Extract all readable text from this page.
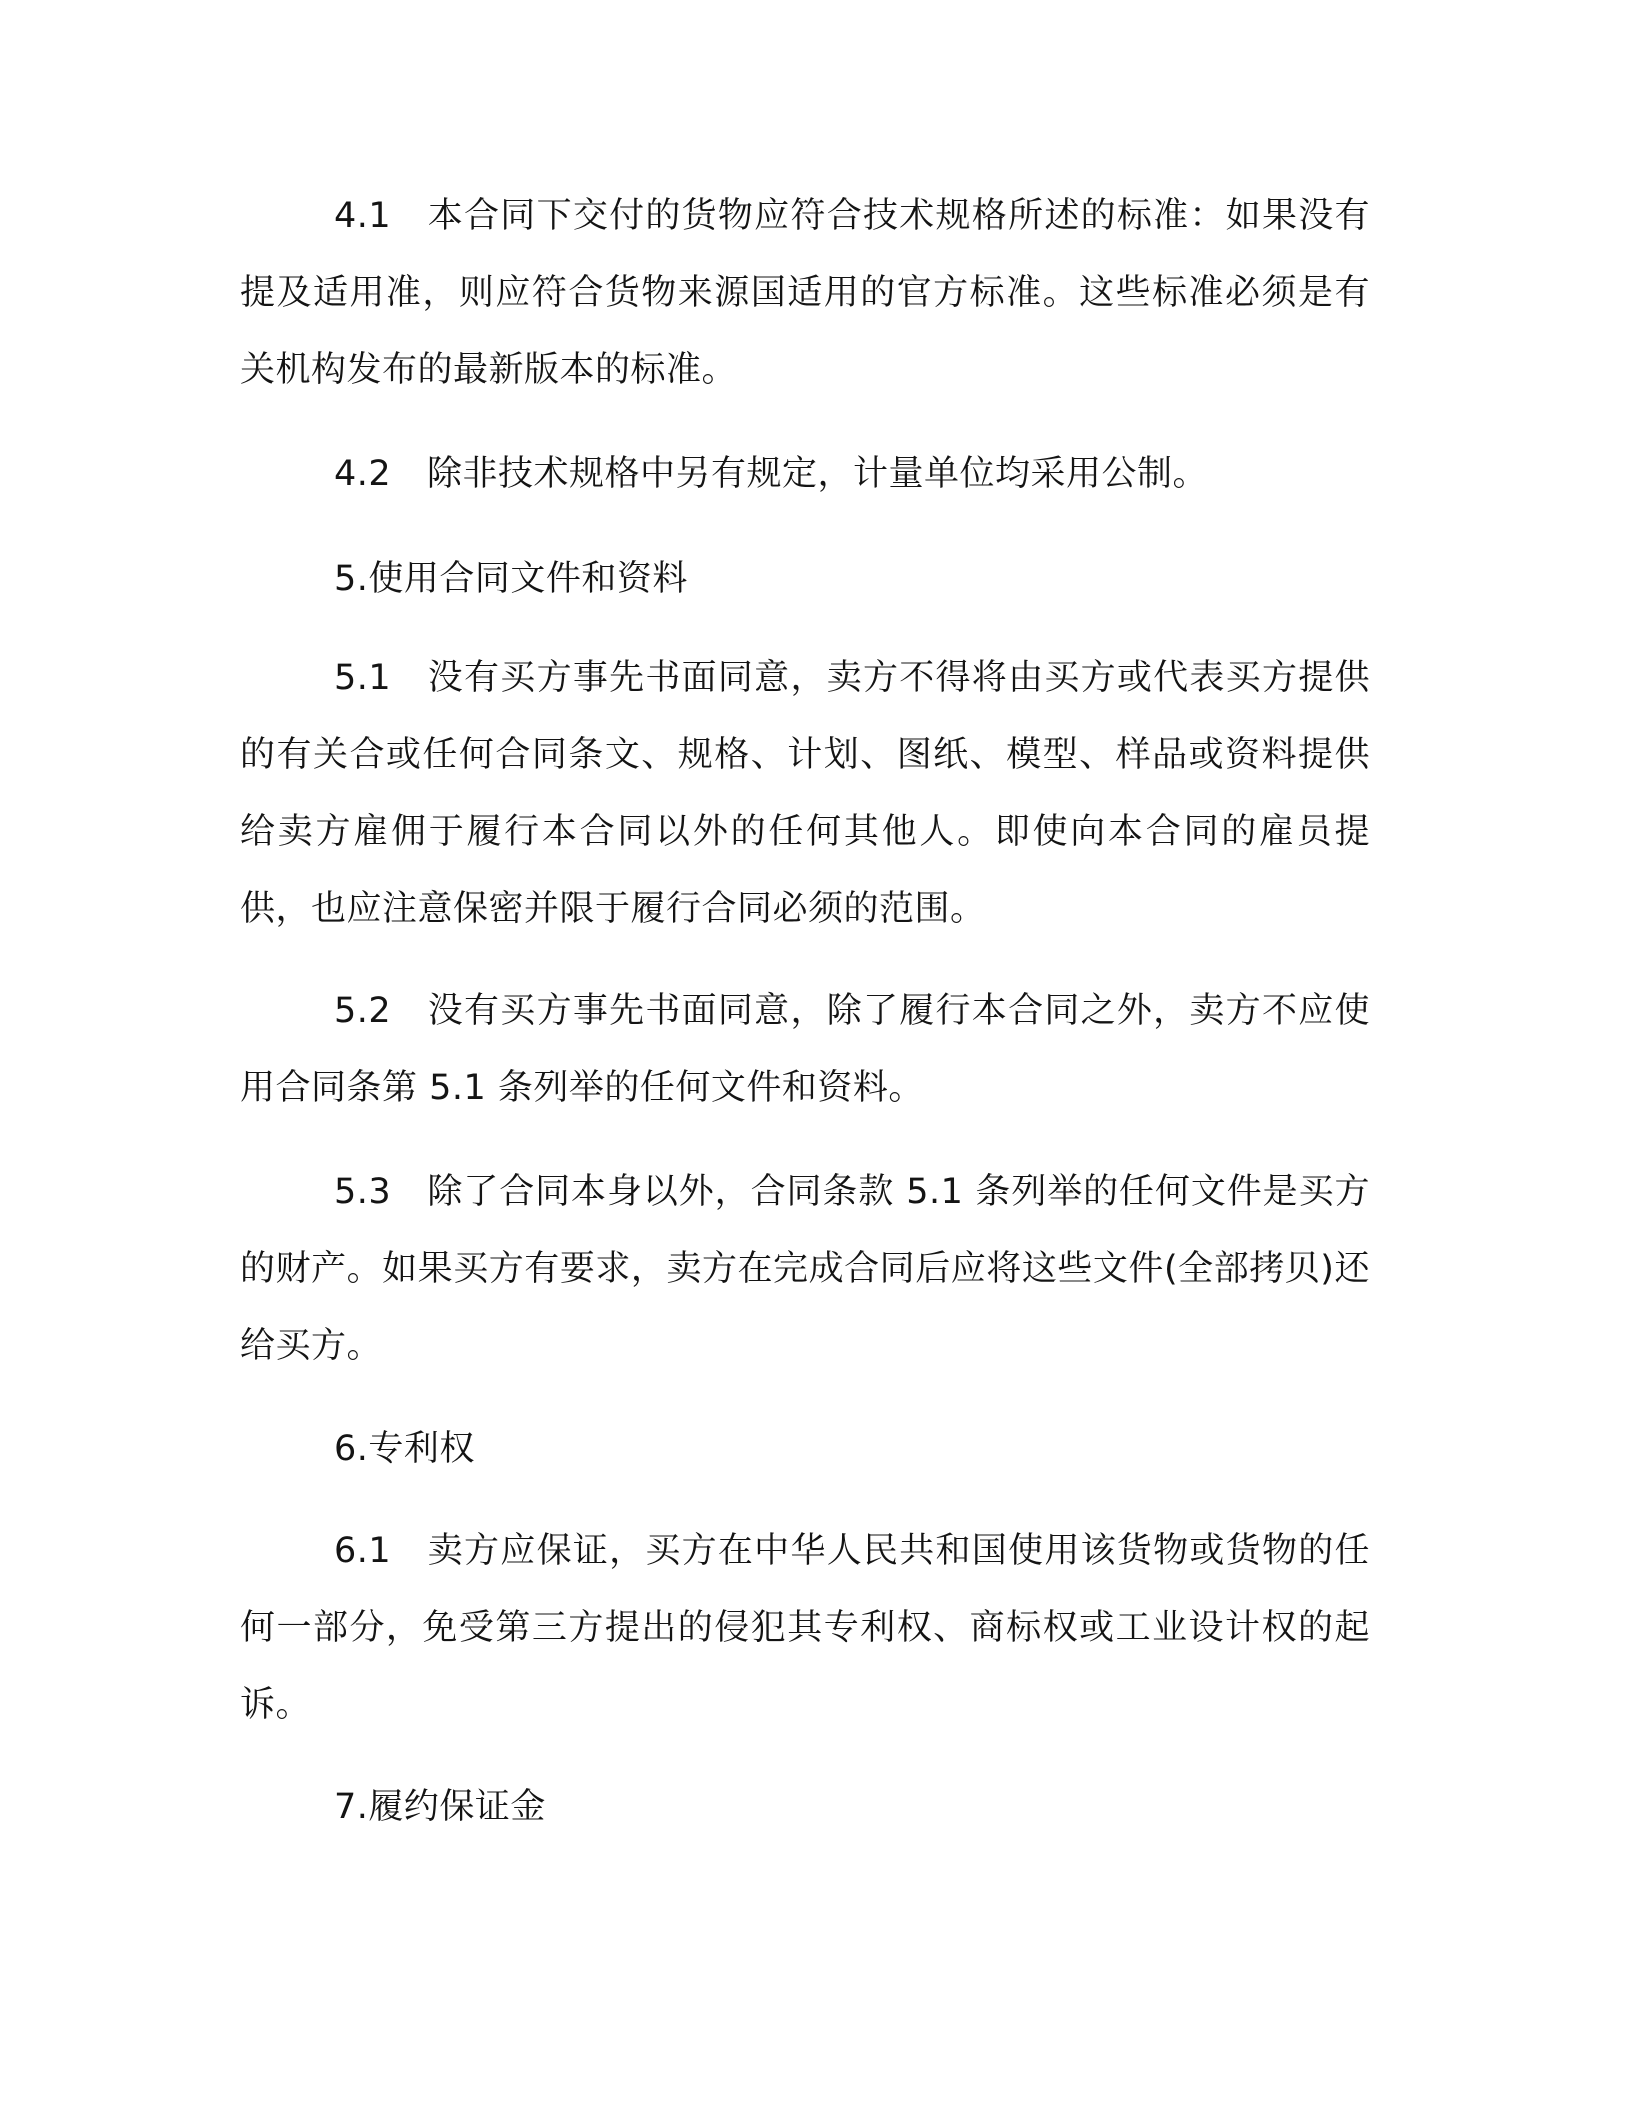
4.1 本合同下交付的货物应符合技术规格所述的标准：如果没有提及适用准，则应符合货物来源国适用的官方标准。这些标准必须是有关机构发布的最新版本的标准。

4.2 除非技术规格中另有规定，计量单位均采用公制。

5.使用合同文件和资料

5.1 没有买方事先书面同意，卖方不得将由买方或代表买方提供的有关合或任何合同条文、规格、计划、图纸、模型、样品或资料提供给卖方雇佣于履行本合同以外的任何其他人。即使向本合同的雇员提供，也应注意保密并限于履行合同必须的范围。

5.2 没有买方事先书面同意，除了履行本合同之外，卖方不应使用合同条第 5.1 条列举的任何文件和资料。

5.3 除了合同本身以外，合同条款 5.1 条列举的任何文件是买方的财产。如果买方有要求，卖方在完成合同后应将这些文件(全部拷贝)还给买方。

6.专利权

6.1 卖方应保证，买方在中华人民共和国使用该货物或货物的任何一部分，免受第三方提出的侵犯其专利权、商标权或工业设计权的起诉。

7.履约保证金
